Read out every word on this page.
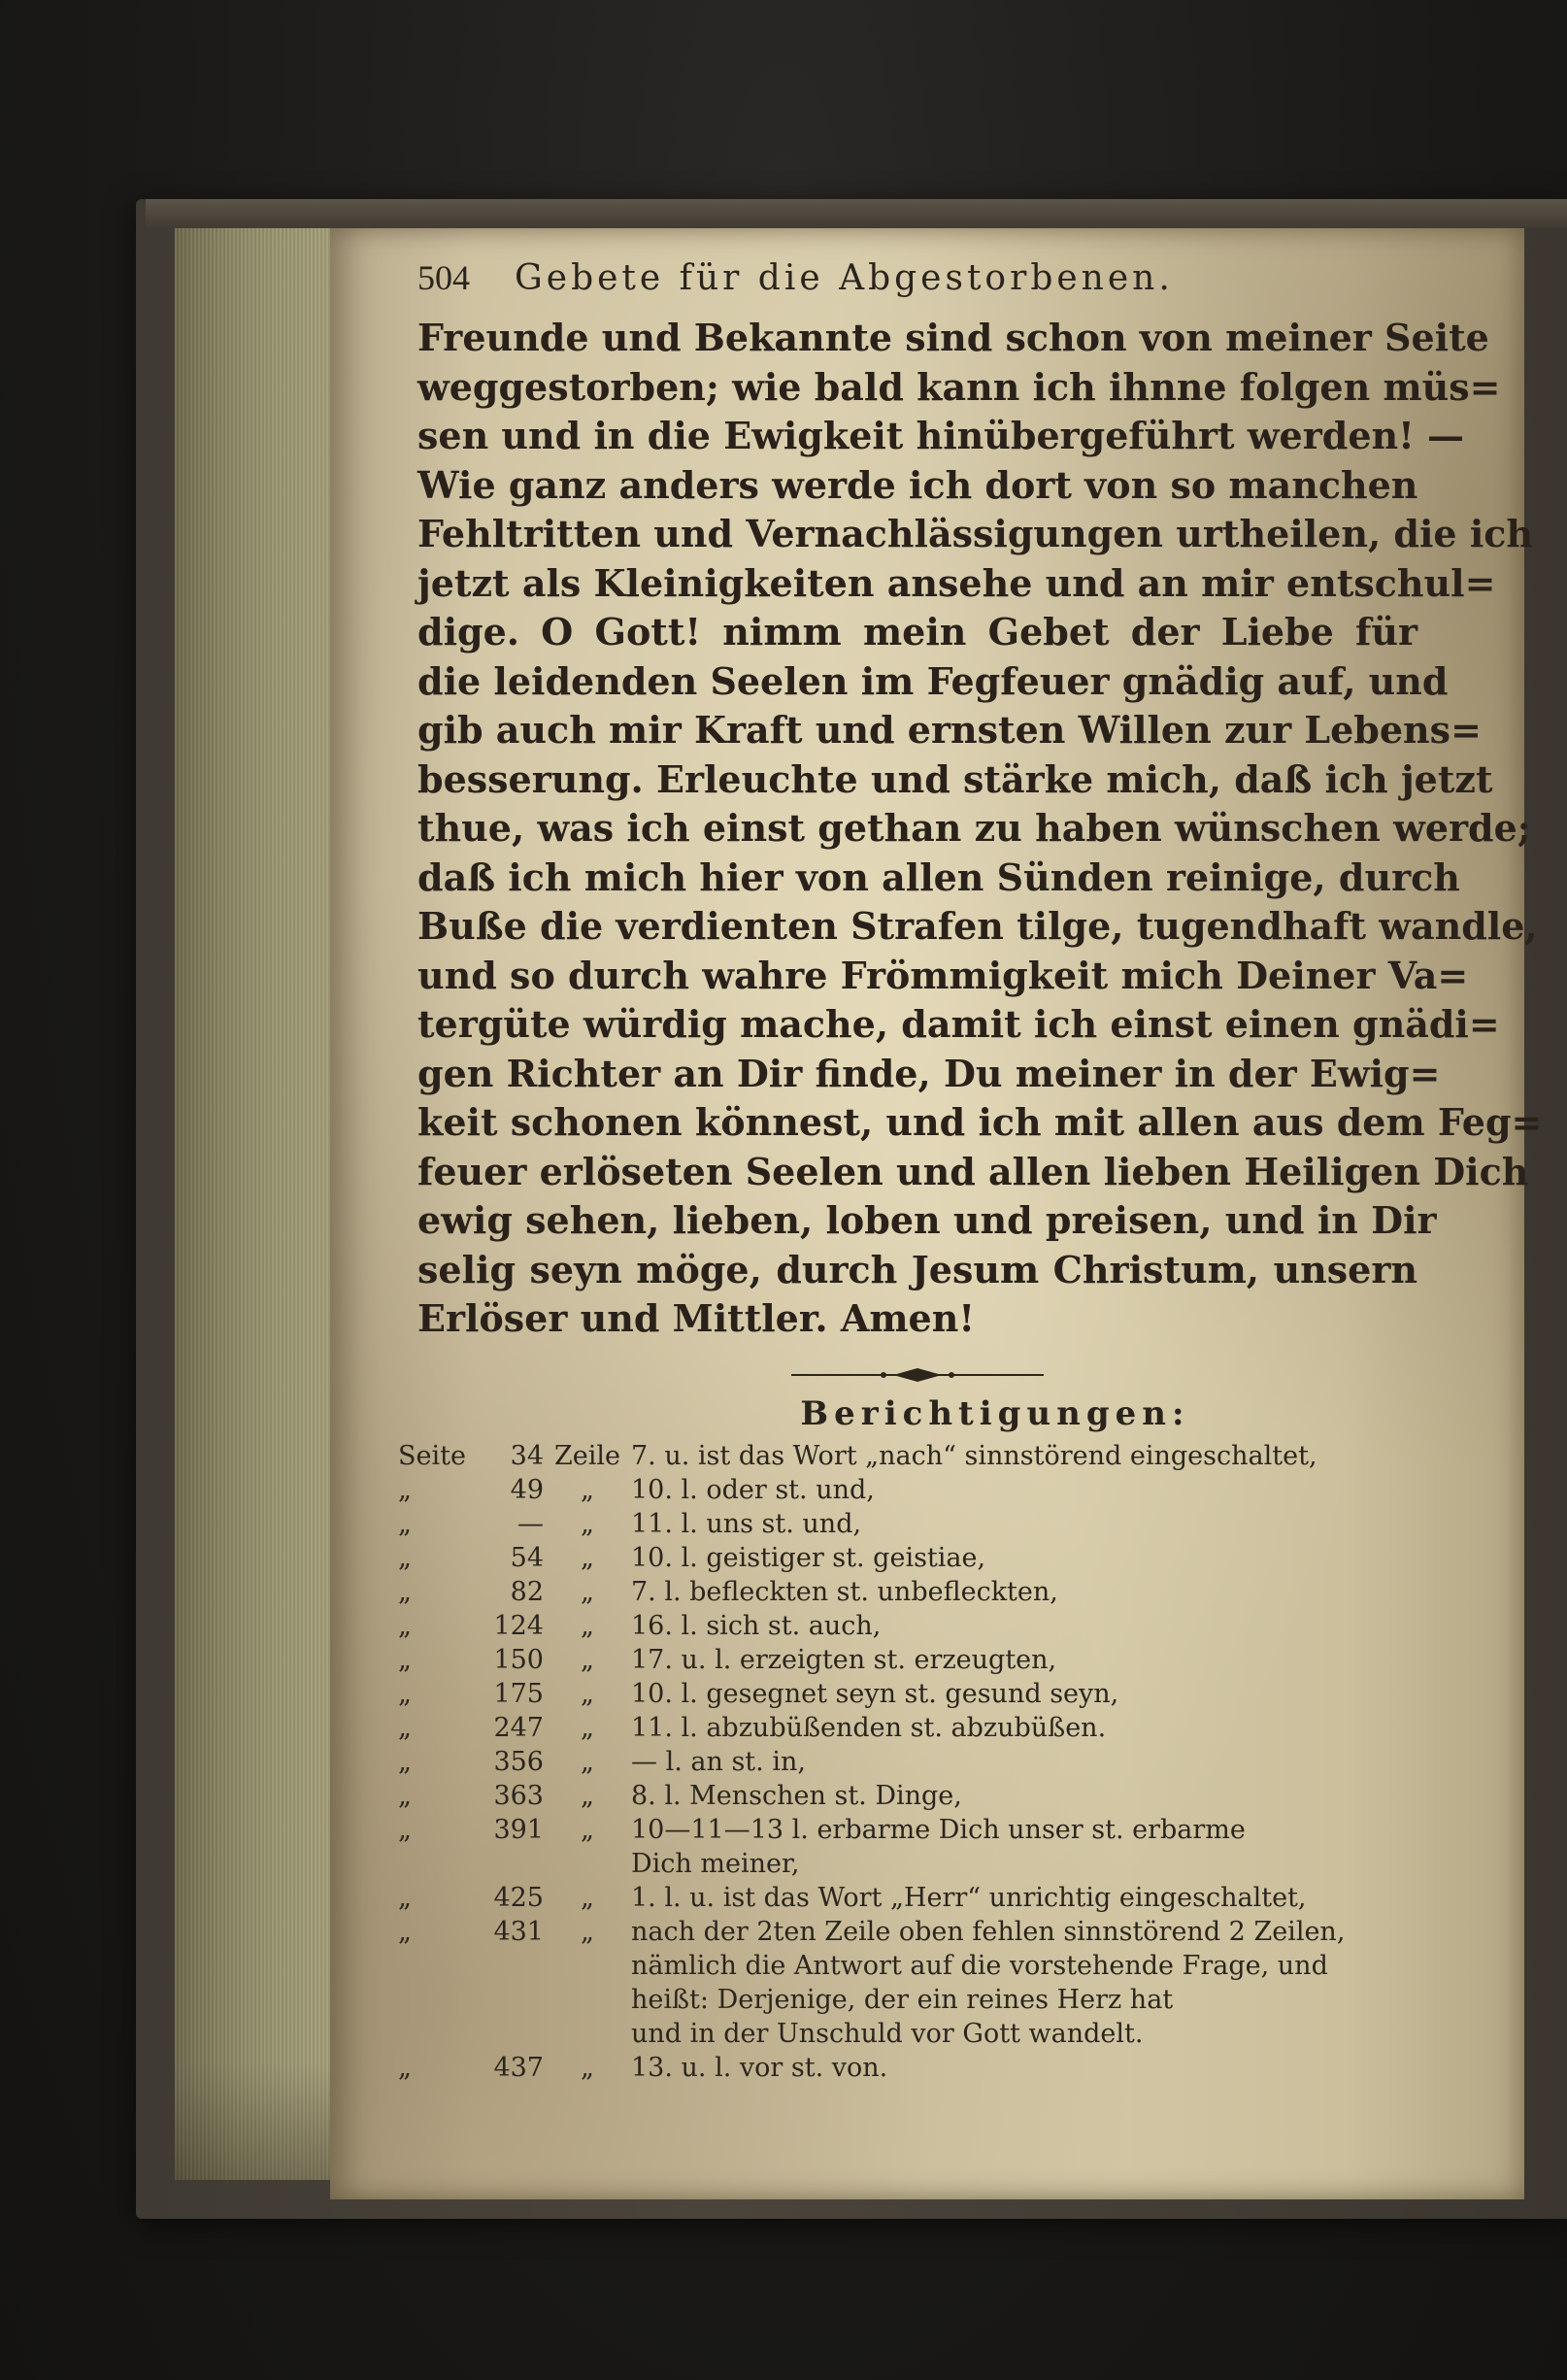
504	Gebete für die Abgestorbenen.
Freunde und Bekannte sind schon von meiner Seite
weggestorben; wie bald kann ich ihnne folgen müs=
sen und in die Ewigkeit hinübergeführt werden! —
Wie ganz anders werde ich dort von so manchen
Fehltritten und Vernachlässigungen urtheilen, die ich
jetzt als Kleinigkeiten ansehe und an mir entschul=
dige. O Gott! nimm mein Gebet der Liebe für
die leidenden Seelen im Fegfeuer gnädig auf, und
gib auch mir Kraft und ernsten Willen zur Lebens=
besserung. Erleuchte und stärke mich, daß ich jetzt
thue, was ich einst gethan zu haben wünschen werde;
daß ich mich hier von allen Sünden reinige, durch
Buße die verdienten Strafen tilge, tugendhaft wandle,
und so durch wahre Frömmigkeit mich Deiner Va=
tergüte würdig mache, damit ich einst einen gnädi=
gen Richter an Dir finde, Du meiner in der Ewig=
keit schonen könnest, und ich mit allen aus dem Feg=
feuer erlöseten Seelen und allen lieben Heiligen Dich
ewig sehen, lieben, loben und preisen, und in Dir
selig seyn möge, durch Jesum Christum, unsern
Erlöser und Mittler. Amen!
Berichtigungen:
Seite	34 Zeile 7. u. ist das Wort „nach“ sinnstörend eingeschaltet,
„	49	„	10. l. oder st. und,
„	—	„	11. l. uns st. und,
„	54	„	10. l. geistiger st. geistiae,
„	82	„	7. l. befleckten st. unbefleckten,
„	124	„	16. l. sich st. auch,
„	150	„	17. u. l. erzeigten st. erzeugten,
„	175	„	10. l. gesegnet seyn st. gesund seyn,
„	247	„	11. l. abzubüßenden st. abzubüßen.
„	356	„	— l. an st. in,
„	363	„	8. l. Menschen st. Dinge,
„	391	„	10—11—13 l. erbarme Dich unser st. erbarme
Dich meiner,
„	425	„	1. l. u. ist das Wort „Herr“ unrichtig eingeschaltet,
„	431	„	nach der 2ten Zeile oben fehlen sinnstörend 2 Zeilen,
nämlich die Antwort auf die vorstehende Frage, und
heißt: Derjenige, der ein reines Herz hat
und in der Unschuld vor Gott wandelt.
„	437	„	13. u. l. vor st. von.
